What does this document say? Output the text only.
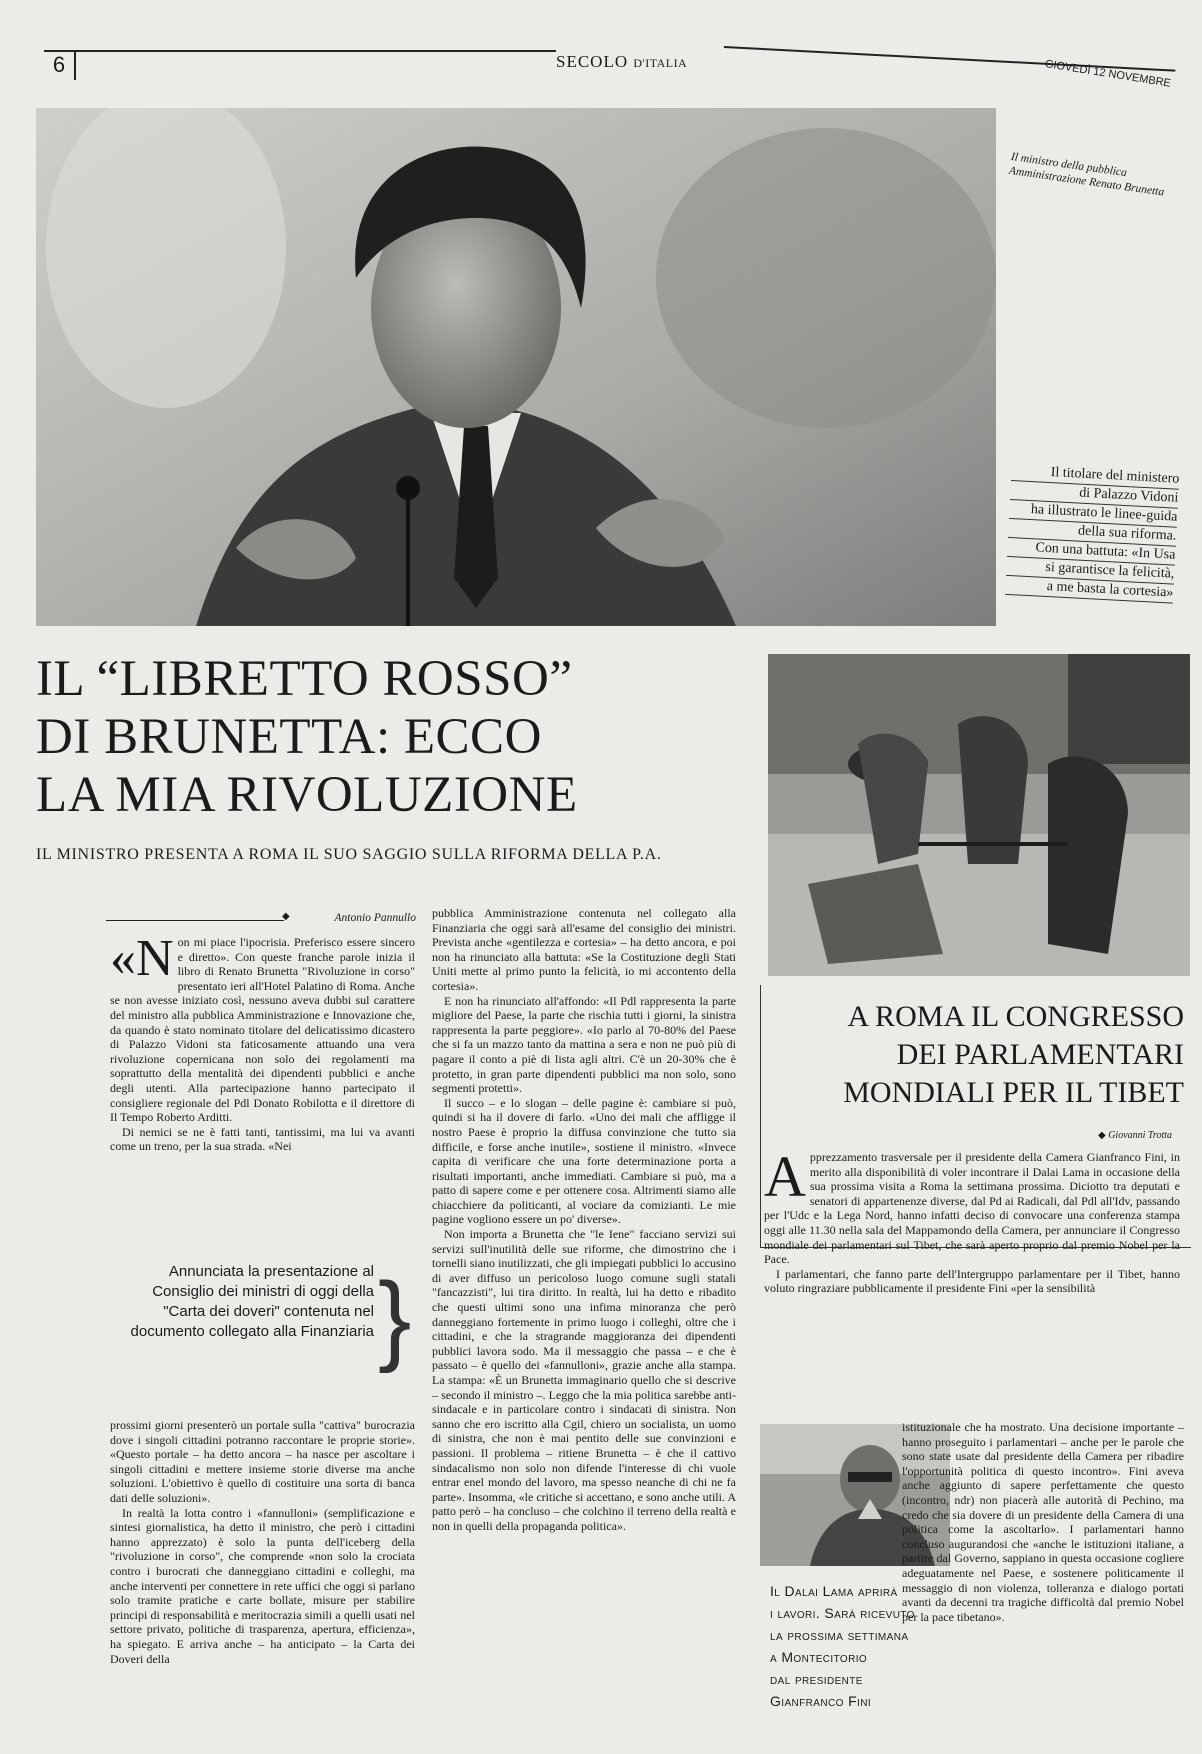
6	SECOLO D'ITALIA	GIOVEDÌ 12 NOVEMBRE
Il ministro della pubblica Amministrazione Renato Brunetta
Il titolare del ministero
di Palazzo Vidoni
ha illustrato le linee-guida
della sua riforma.
Con una battuta: «In Usa
si garantisce la felicità,
a me basta la cortesia»
IL “LIBRETTO ROSSO”
DI BRUNETTA: ECCO
LA MIA RIVOLUZIONE
IL MINISTRO PRESENTA A ROMA IL SUO SAGGIO SULLA RIFORMA DELLA P.A.
Antonio Pannullo ◆

«Non mi piace l'ipocrisia. Preferisco essere sincero e diretto». Con queste franche parole inizia il libro di Renato Brunetta "Rivoluzione in corso" presentato ieri all'Hotel Palatino di Roma. Anche se non avesse iniziato così, nessuno aveva dubbi sul carattere del ministro alla pubblica Amministrazione e Innovazione che, da quando è stato nominato titolare del delicatissimo dicastero di Palazzo Vidoni sta faticosamente attuando una vera rivoluzione copernicana non solo dei regolamenti ma soprattutto della mentalità dei dipendenti pubblici e anche degli utenti. Alla partecipazione hanno partecipato il consigliere regionale del Pdl Donato Robilotta e il direttore di Il Tempo Roberto Arditti.

Di nemici se ne è fatti tanti, tantissimi, ma lui va avanti come un treno, per la sua strada. «Nei

Annunciata la presentazione al Consiglio dei ministri di oggi della "Carta dei doveri" contenuta nel documento collegato alla Finanziaria }

prossimi giorni presenterò un portale sulla "cattiva" burocrazia dove i singoli cittadini potranno raccontare le proprie storie». «Questo portale – ha detto ancora – ha nasce per ascoltare i singoli cittadini e mettere insieme storie diverse ma anche soluzioni. L'obiettivo è quello di costituire una sorta di banca dati delle soluzioni».

In realtà la lotta contro i «fannulloni» (semplificazione e sintesi giornalistica, ha detto il ministro, che però i cittadini hanno apprezzato) è solo la punta dell'iceberg della "rivoluzione in corso", che comprende «non solo la crociata contro i burocrati che danneggiano cittadini e colleghi, ma anche interventi per connettere in rete uffici che oggi si parlano solo tramite pratiche e carte bollate, misure per stabilire principi di responsabilità e meritocrazia simili a quelli usati nel settore privato, politiche di trasparenza, apertura, efficienza», ha spiegato. E arriva anche – ha anticipato – la Carta dei Doveri della

pubblica Amministrazione contenuta nel collegato alla Finanziaria che oggi sarà all'esame del consiglio dei ministri. Prevista anche «gentilezza e cortesia» – ha detto ancora, e poi non ha rinunciato alla battuta: «Se la Costituzione degli Stati Uniti mette al primo punto la felicità, io mi accontento della cortesia».

E non ha rinunciato all'affondo: «Il Pdl rappresenta la parte migliore del Paese, la parte che rischia tutti i giorni, la sinistra rappresenta la parte peggiore». «Io parlo al 70-80% del Paese che si fa un mazzo tanto da mattina a sera e non ne può più di pagare il conto a piè di lista agli altri. C'è un 20-30% che è protetto, in gran parte dipendenti pubblici ma non solo, sono segmenti protetti».

Il succo – e lo slogan – delle pagine è: cambiare si può, quindi si ha il dovere di farlo. «Uno dei mali che affligge il nostro Paese è proprio la diffusa convinzione che tutto sia difficile, e forse anche inutile», sostiene il ministro. «Invece capita di verificare che una forte determinazione porta a risultati importanti, anche immediati. Cambiare si può, ma a patto di sapere come e per ottenere cosa. Altrimenti siamo alle chiacchiere da politicanti, al vociare da comizianti. Le mie pagine vogliono essere un po' diverse».

Non importa a Brunetta che "le Iene" facciano servizi sui servizi sull'inutilità delle sue riforme, che dimostrino che i tornelli siano inutilizzati, che gli impiegati pubblici lo accusino di aver diffuso un pericoloso luogo comune sugli statali "fancazzisti", lui tira diritto. In realtà, lui ha detto e ribadito che questi ultimi sono una infima minoranza che però danneggiano fortemente in primo luogo i colleghi, oltre che i cittadini, e che la stragrande maggioranza dei dipendenti pubblici lavora sodo. Ma il messaggio che passa – e che è passato – è quello dei «fannulloni», grazie anche alla stampa. La stampa: «È un Brunetta immaginario quello che si descrive – secondo il ministro –. Leggo che la mia politica sarebbe anti-sindacale e in particolare contro i sindacati di sinistra. Non sanno che ero iscritto alla Cgil, chiero un socialista, un uomo di sinistra, che non è mai pentito delle sue convinzioni e passioni. Il problema – ritiene Brunetta – è che il cattivo sindacalismo non solo non difende l'interesse di chi vuole entrar enel mondo del lavoro, ma spesso neanche di chi ne fa parte». Insomma, «le critiche si accettano, e sono anche utili. A patto però – ha concluso – che colchino il terreno della realtà e non in quelli della propaganda politica».

A ROMA IL CONGRESSO
DEI PARLAMENTARI
MONDIALI PER IL TIBET
◆ Giovanni Trotta

Apprezzamento trasversale per il presidente della Camera Gianfranco Fini, in merito alla disponibilità di voler incontrare il Dalai Lama in occasione della sua prossima visita a Roma la settimana prossima. Diciotto tra deputati e senatori di appartenenze diverse, dal Pd ai Radicali, dal Pdl all'Idv, passando per l'Udc e la Lega Nord, hanno infatti deciso di convocare una conferenza stampa oggi alle 11.30 nella sala del Mappamondo della Camera, per annunciare il Congresso mondiale dei parlamentari sul Tibet, che sarà aperto proprio dal premio Nobel per la Pace.

I parlamentari, che fanno parte dell'Intergruppo parlamentare per il Tibet, hanno voluto ringraziare pubblicamente il presidente Fini «per la sensibilità

Il Dalai Lama aprirà
i lavori. Sarà ricevuto
la prossima settimana
a Montecitorio
dal presidente
Gianfranco Fini

istituzionale che ha mostrato. Una decisione importante – hanno proseguito i parlamentari – anche per le parole che sono state usate dal presidente della Camera per ribadire l'opportunità politica di questo incontro». Fini aveva anche aggiunto di sapere perfettamente che questo (incontro, ndr) non piacerà alle autorità di Pechino, ma credo che sia dovere di un presidente della Camera di una politica come la ascoltarlo». I parlamentari hanno concluso augurandosi che «anche le istituzioni italiane, a partire dal Governo, sappiano in questa occasione cogliere adeguatamente nel Paese, e sostenere politicamente il messaggio di non violenza, tolleranza e dialogo portati avanti da decenni tra tragiche difficoltà dal premio Nobel per la pace tibetano».
